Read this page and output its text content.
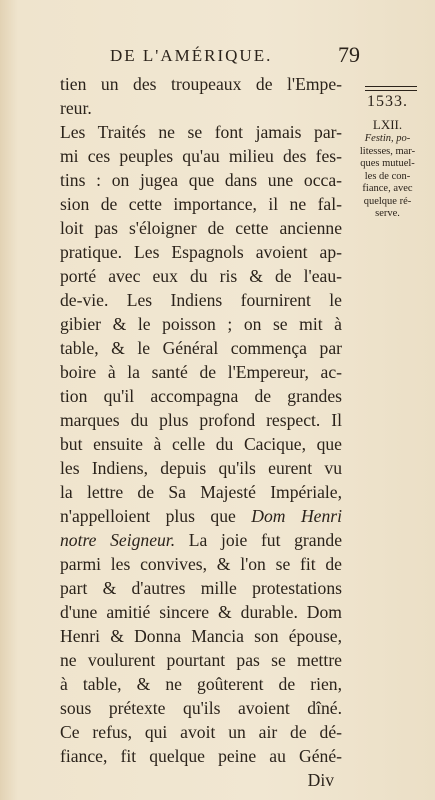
DE L'AMÉRIQUE.	79
1533.
LXII.
Festin, po-
litesses, mar-
ques mutuel-
les de con-
fiance, avec
quelque ré-
serve.
tien un des troupeaux de l'Empe-
reur.
Les Traités ne se font jamais par-
mi ces peuples qu'au milieu des fes-
tins : on jugea que dans une occa-
sion de cette importance, il ne fal-
loit pas s'éloigner de cette ancienne
pratique. Les Espagnols avoient ap-
porté avec eux du ris & de l'eau-
de-vie. Les Indiens fournirent le
gibier & le poisson ; on se mit à
table, & le Général commença par
boire à la santé de l'Empereur, ac-
tion qu'il accompagna de grandes
marques du plus profond respect. Il
but ensuite à celle du Cacique, que
les Indiens, depuis qu'ils eurent vu
la lettre de Sa Majesté Impériale,
n'appelloient plus que Dom Henri
notre Seigneur. La joie fut grande
parmi les convives, & l'on se fit de
part & d'autres mille protestations
d'une amitié sincere & durable. Dom
Henri & Donna Mancia son épouse,
ne voulurent pourtant pas se mettre
à table, & ne goûterent de rien,
sous prétexte qu'ils avoient dîné.
Ce refus, qui avoit un air de dé-
fiance, fit quelque peine au Géné-
Div
